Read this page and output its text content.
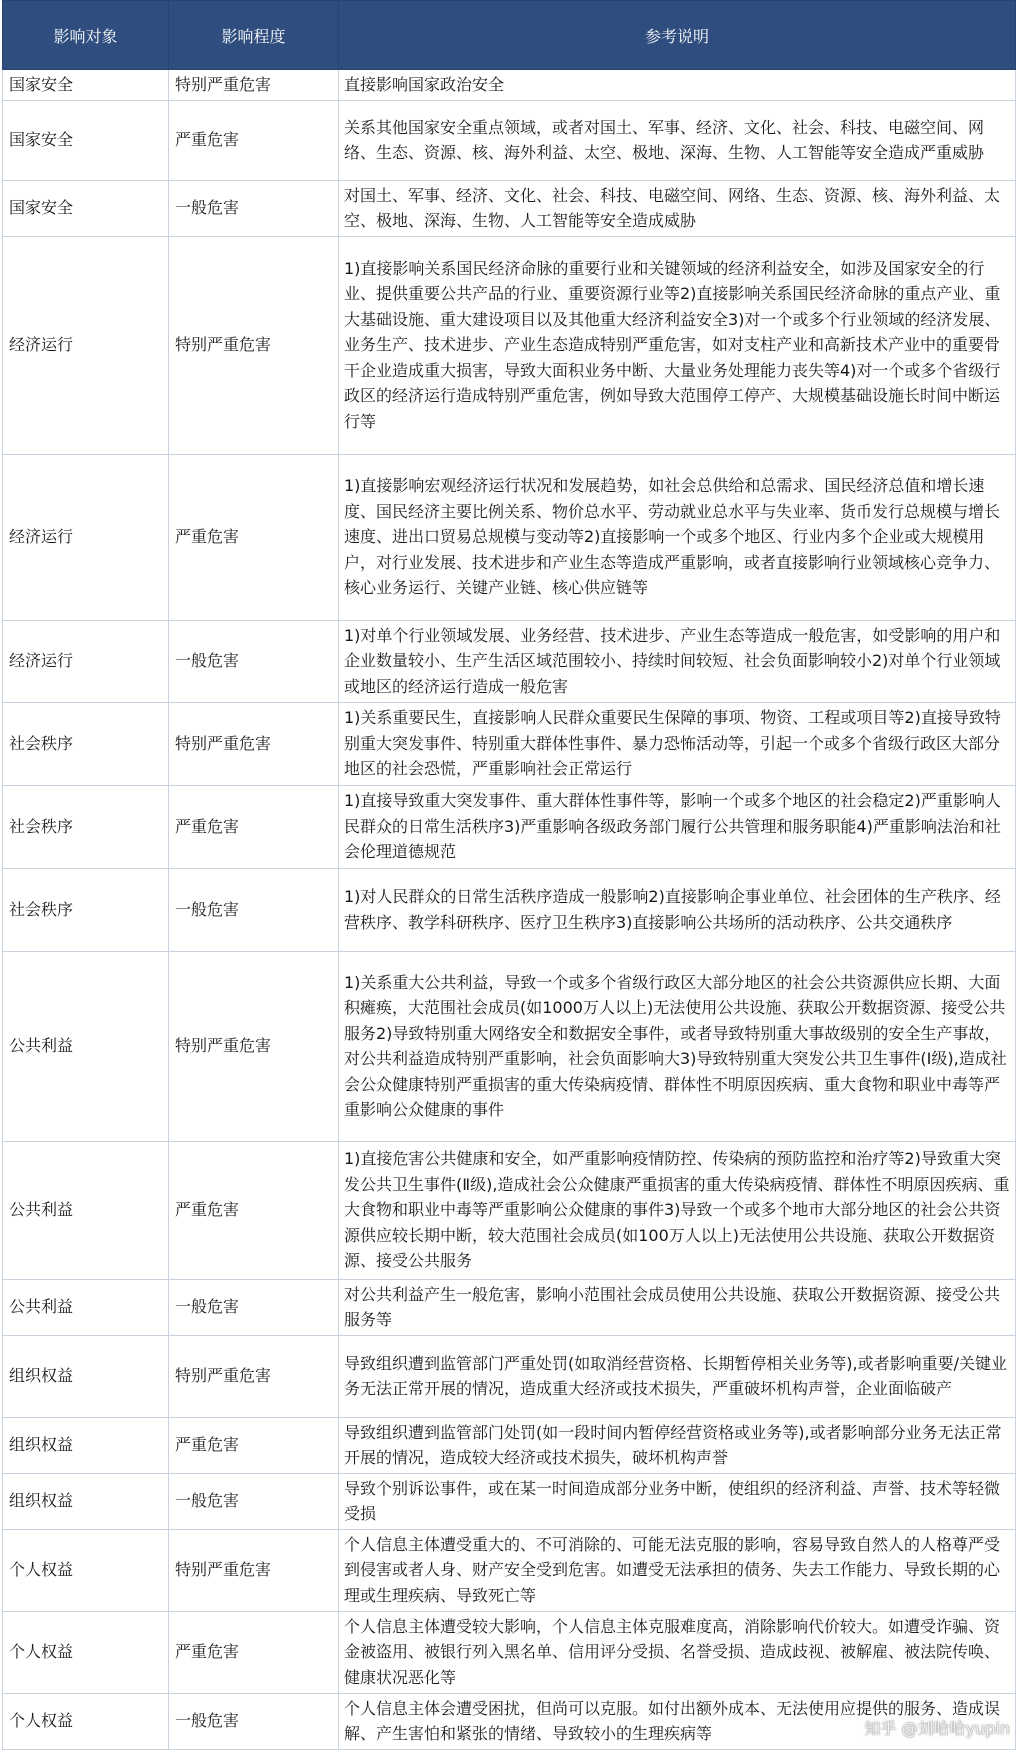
影响对象	影响程度	参考说明
国家安全	特别严重危害	直接影响国家政治安全
国家安全	严重危害	关系其他国家安全重点领域，或者对国土、军事、经济、文化、社会、科技、电磁空间、网络、生态、资源、核、海外利益、太空、极地、深海、生物、人工智能等安全造成严重威胁
国家安全	一般危害	对国土、军事、经济、文化、社会、科技、电磁空间、网络、生态、资源、核、海外利益、太空、极地、深海、生物、人工智能等安全造成威胁
经济运行	特别严重危害	1)直接影响关系国民经济命脉的重要行业和关键领域的经济利益安全，如涉及国家安全的行业、提供重要公共产品的行业、重要资源行业等2)直接影响关系国民经济命脉的重点产业、重大基础设施、重大建设项目以及其他重大经济利益安全3)对一个或多个行业领域的经济发展、业务生产、技术进步、产业生态造成特别严重危害，如对支柱产业和高新技术产业中的重要骨干企业造成重大损害，导致大面积业务中断、大量业务处理能力丧失等4)对一个或多个省级行政区的经济运行造成特别严重危害，例如导致大范围停工停产、大规模基础设施长时间中断运行等
经济运行	严重危害	1)直接影响宏观经济运行状况和发展趋势，如社会总供给和总需求、国民经济总值和增长速度、国民经济主要比例关系、物价总水平、劳动就业总水平与失业率、货币发行总规模与增长速度、进出口贸易总规模与变动等2)直接影响一个或多个地区、行业内多个企业或大规模用户，对行业发展、技术进步和产业生态等造成严重影响，或者直接影响行业领域核心竞争力、核心业务运行、关键产业链、核心供应链等
经济运行	一般危害	1)对单个行业领域发展、业务经营、技术进步、产业生态等造成一般危害，如受影响的用户和企业数量较小、生产生活区域范围较小、持续时间较短、社会负面影响较小2)对单个行业领域或地区的经济运行造成一般危害
社会秩序	特别严重危害	1)关系重要民生，直接影响人民群众重要民生保障的事项、物资、工程或项目等2)直接导致特别重大突发事件、特别重大群体性事件、暴力恐怖活动等，引起一个或多个省级行政区大部分地区的社会恐慌，严重影响社会正常运行
社会秩序	严重危害	1)直接导致重大突发事件、重大群体性事件等，影响一个或多个地区的社会稳定2)严重影响人民群众的日常生活秩序3)严重影响各级政务部门履行公共管理和服务职能4)严重影响法治和社会伦理道德规范
社会秩序	一般危害	1)对人民群众的日常生活秩序造成一般影响2)直接影响企事业单位、社会团体的生产秩序、经营秩序、教学科研秩序、医疗卫生秩序3)直接影响公共场所的活动秩序、公共交通秩序
公共利益	特别严重危害	1)关系重大公共利益，导致一个或多个省级行政区大部分地区的社会公共资源供应长期、大面积瘫痪，大范围社会成员(如1000万人以上)无法使用公共设施、获取公开数据资源、接受公共服务2)导致特别重大网络安全和数据安全事件，或者导致特别重大事故级别的安全生产事故，对公共利益造成特别严重影响，社会负面影响大3)导致特别重大突发公共卫生事件(Ⅰ级),造成社会公众健康特别严重损害的重大传染病疫情、群体性不明原因疾病、重大食物和职业中毒等严重影响公众健康的事件
公共利益	严重危害	1)直接危害公共健康和安全，如严重影响疫情防控、传染病的预防监控和治疗等2)导致重大突发公共卫生事件(Ⅱ级),造成社会公众健康严重损害的重大传染病疫情、群体性不明原因疾病、重大食物和职业中毒等严重影响公众健康的事件3)导致一个或多个地市大部分地区的社会公共资源供应较长期中断，较大范围社会成员(如100万人以上)无法使用公共设施、获取公开数据资源、接受公共服务
公共利益	一般危害	对公共利益产生一般危害，影响小范围社会成员使用公共设施、获取公开数据资源、接受公共服务等
组织权益	特别严重危害	导致组织遭到监管部门严重处罚(如取消经营资格、长期暂停相关业务等),或者影响重要/关键业务无法正常开展的情况，造成重大经济或技术损失，严重破坏机构声誉，企业面临破产
组织权益	严重危害	导致组织遭到监管部门处罚(如一段时间内暂停经营资格或业务等),或者影响部分业务无法正常开展的情况，造成较大经济或技术损失，破坏机构声誉
组织权益	一般危害	导致个别诉讼事件，或在某一时间造成部分业务中断，使组织的经济利益、声誉、技术等轻微受损
个人权益	特别严重危害	个人信息主体遭受重大的、不可消除的、可能无法克服的影响，容易导致自然人的人格尊严受到侵害或者人身、财产安全受到危害。如遭受无法承担的债务、失去工作能力、导致长期的心理或生理疾病、导致死亡等
个人权益	严重危害	个人信息主体遭受较大影响，个人信息主体克服难度高，消除影响代价较大。如遭受诈骗、资金被盗用、被银行列入黑名单、信用评分受损、名誉受损、造成歧视、被解雇、被法院传唤、健康状况恶化等
个人权益	一般危害	个人信息主体会遭受困扰，但尚可以克服。如付出额外成本、无法使用应提供的服务、造成误解、产生害怕和紧张的情绪、导致较小的生理疾病等	知乎 @刘哈哈yupin
